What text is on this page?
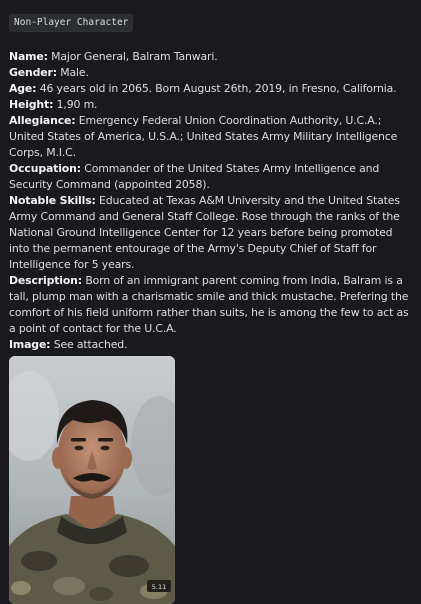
Non-Player Character

Name: Major General, Balram Tanwari.

Gender: Male.

Age: 46 years old in 2065. Born August 26th, 2019, in Fresno, California.

Height: 1,90 m.

Allegiance: Emergency Federal Union Coordination Authority, U.C.A.; United States of America, U.S.A.; United States Army Military Intelligence Corps, M.I.C.

Occupation: Commander of the United States Army Intelligence and Security Command (appointed 2058).

Notable Skills: Educated at Texas A&M University and the United States Army Command and General Staff College. Rose through the ranks of the National Ground Intelligence Center for 12 years before being promoted into the permanent entourage of the Army's Deputy Chief of Staff for Intelligence for 5 years.

Description: Born of an immigrant parent coming from India, Balram is a tall, plump man with a charismatic smile and thick mustache. Prefering the comfort of his field uniform rather than suits, he is among the few to act as a point of contact for the U.C.A.

Image: See attached.

5.11
